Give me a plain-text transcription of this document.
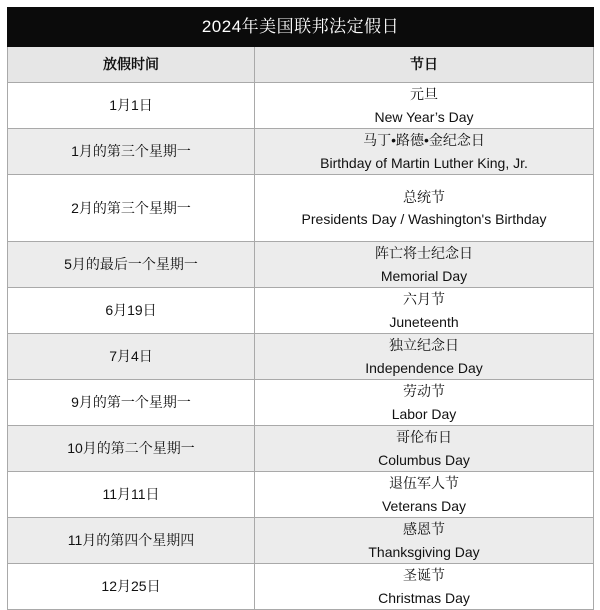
2024年美国联邦法定假日	
放假时间	节日
1月1日	元旦
New Year’s Day

1月的第三个星期一	马丁•路德•金纪念日
Birthday of Martin Luther King, Jr.

2月的第三个星期一	总统节
Presidents Day / Washington's Birthday

5月的最后一个星期一	阵亡将士纪念日
Memorial Day

6月19日	六月节
Juneteenth

7月4日	独立纪念日
Independence Day

9月的第一个星期一	劳动节
Labor Day

10月的第二个星期一	哥伦布日
Columbus Day

11月11日	退伍军人节
Veterans Day

11月的第四个星期四	感恩节
Thanksgiving Day

12月25日	圣诞节
Christmas Day
